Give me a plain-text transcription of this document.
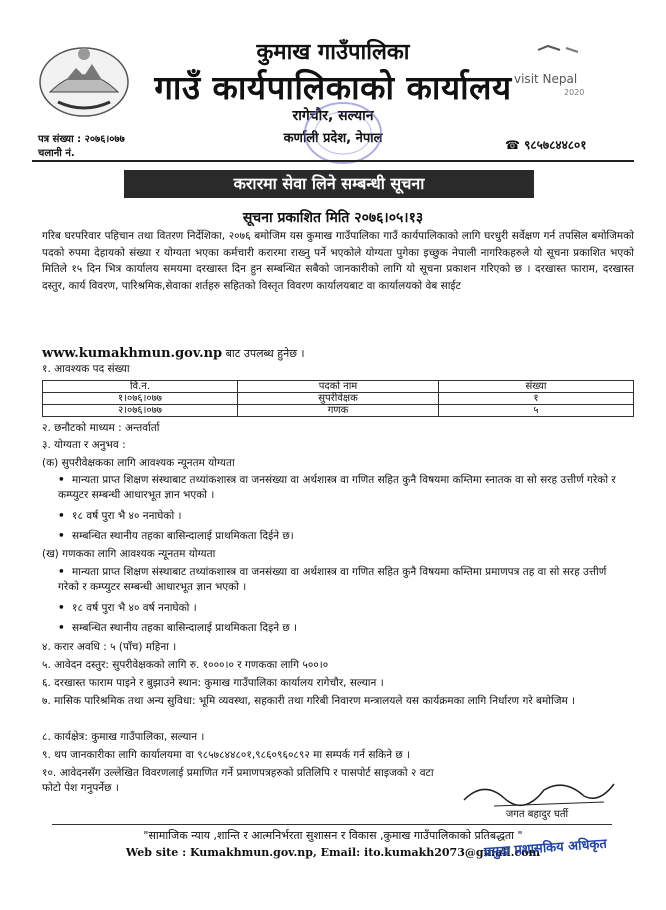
visit Nepal
2020
कुमाख गाउँपालिका
गाउँ कार्यपालिकाको कार्यालय
रागेचौर, सल्यान
कर्णाली प्रदेश, नेपाल
पत्र संख्या : २०७६।०७७
चलानी नं.
☎ ९८५७८४४८०१
करारमा सेवा लिने सम्बन्धी सूचना
सूचना प्रकाशित मिति २०७६।०५।१३
गरिब घरपरिवार पहिचान तथा वितरण निर्देशिका, २०७६ बमोजिम यस कुमाख गाउँपालिका गाउँ कार्यपालिकाको लागि घरधुरी सर्वेक्षण गर्न तपसिल बमोजिमको पदको रुपमा देहायको संख्या र योग्यता भएका कर्मचारी करारमा राख्नु पर्ने भएकोले योग्यता पुगेका इच्छुक नेपाली नागरिकहरुले यो सूचना प्रकाशित भएको मितिले १५ दिन भित्र कार्यालय समयमा दरखास्त दिन हुन सम्बन्धित सबैको जानकारीको लागि यो सूचना प्रकाशन गरिएको छ । दरखास्त फाराम, दरखास्त दस्तुर, कार्य विवरण, पारिश्रमिक,सेवाका शर्तहरु सहितको विस्तृत विवरण कार्यालयबाट वा कार्यालयको वेब साईट
www.kumakhmun.gov.np बाट उपलब्ध हुनेछ ।
१. आवश्यक पद संख्या
वि.न.	पदको नाम	संख्या
१।०७६।०७७	सुपरीवेक्षक	१
२।०७६।०७७	गणक	५
२. छनौटको माध्यम : अन्तर्वार्ता
३. योग्यता र अनुभव :
(क) सुपरीवेक्षकका लागि आवश्यक न्यूनतम योग्यता
• मान्यता प्राप्त शिक्षण संस्थाबाट तथ्यांकशास्त्र वा जनसंख्या वा अर्थशास्त्र वा गणित सहित कुनै विषयमा कम्तिमा स्नातक वा सो सरह उत्तीर्ण गरेको र कम्प्युटर सम्बन्धी आधारभूत ज्ञान भएको ।
• १८ वर्ष पुरा भै ४० ननाघेको ।
• सम्बन्धित स्थानीय तहका बासिन्दालाई प्राथमिकता दिईने छ।
(ख) गणकका लागि आवश्यक न्यूनतम योग्यता
• मान्यता प्राप्त शिक्षण संस्थाबाट तथ्यांकशास्त्र वा जनसंख्या वा अर्थशास्त्र वा गणित सहित कुनै विषयमा कम्तिमा प्रमाणपत्र तह वा सो सरह उत्तीर्ण गरेको र कम्प्युटर सम्बन्धी आधारभूत ज्ञान भएको ।
• १८ वर्ष पुरा भै ४० वर्ष ननाघेको ।
• सम्बन्धित स्थानीय तहका बासिन्दालाई प्राथमिकता दिइने छ ।
४. करार अवधि : ५ (पाँच) महिना ।
५. आवेदन दस्तुर: सुपरीवेक्षकको लागि रु. १०००।० र गणकका लागि ५००।०
६. दरखास्त फाराम पाइने र बुझाउने स्थान: कुमाख गाउँपालिका कार्यालय रागेचौर, सल्यान ।
७. मासिक पारिश्रमिक तथा अन्य सुविधा: भूमि व्यवस्था, सहकारी तथा गरिबी निवारण मन्त्रालयले यस कार्यक्रमका लागि निर्धारण गरे बमोजिम ।
८. कार्यक्षेत्र: कुमाख गाउँपालिका, सल्यान ।
९. थप जानकारीका लागि कार्यालयमा वा ९८५७८४४८०१,९८६०९६०८९२ मा सम्पर्क गर्न सकिने छ ।
१०. आवेदनसँग उल्लेखित विवरणलाई प्रमाणित गर्ने प्रमाणपत्रहरुको प्रतिलिपि र पासपोर्ट साइजको २ वटा फोटो पेश गनुपर्नेछ ।
जगत बहादुर घर्ती
"सामाजिक न्याय ,शान्ति र आत्मनिर्भरता सुशासन र विकास ,कुमाख गाउँपालिकाको प्रतिबद्धता "
Web site : Kumakhmun.gov.np, Email: ito.kumakh2073@gmail.com
प्रमुख प्रशासकिय अधिकृत
